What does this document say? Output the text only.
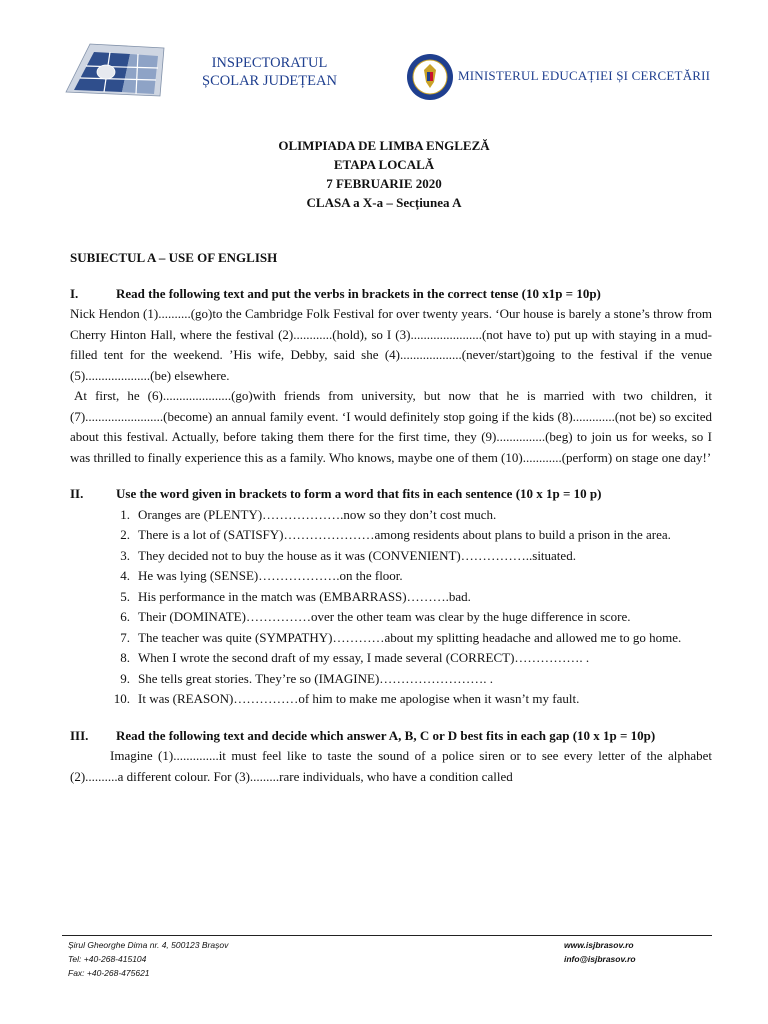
INSPECTORATUL
ȘCOLAR JUDEȚEAN	MINISTERUL EDUCAȚIEI ȘI CERCETĂRII
OLIMPIADA DE LIMBA ENGLEZĂ
ETAPA LOCALĂ
7 FEBRUARIE 2020
CLASA a X-a – Secțiunea A

SUBIECTUL A – USE OF ENGLISH

I.	Read the following text and put the verbs in brackets in the correct tense (10 x1p = 10p)

Nick Hendon (1)..........(go)to the Cambridge Folk Festival for over twenty years. ‘Our house is barely a stone’s throw from Cherry Hinton Hall, where the festival (2)............(hold), so I (3)......................(not have to) put up with staying in a mud-filled tent for the weekend. ’His wife, Debby, said she (4)...................(never/start)going to the festival if the venue (5)....................(be) elsewhere.

At first, he (6).....................(go)with friends from university, but now that he is married with two children, it (7)........................(become) an annual family event. ‘I would definitely stop going if the kids (8).............(not be) so excited about this festival. Actually, before taking them there for the first time, they (9)...............(beg) to join us for weeks, so I was thrilled to finally experience this as a family. Who knows, maybe one of them (10)............(perform) on stage one day!’

II.	Use the word given in brackets to form a word that fits in each sentence (10 x 1p = 10 p)
1. Oranges are (PLENTY)……………….now so they don’t cost much.
2. There is a lot of (SATISFY)…………………among residents about plans to build a prison in the area.
3. They decided not to buy the house as it was (CONVENIENT)……………..situated.
4. He was lying (SENSE)……………….on the floor.
5. His performance in the match was (EMBARRASS)……….bad.
6. Their (DOMINATE)……………over the other team was clear by the huge difference in score.
7. The teacher was quite (SYMPATHY)…………about my splitting headache and allowed me to go home.
8. When I wrote the second draft of my essay, I made several (CORRECT)……………. .
9. She tells great stories. They’re so (IMAGINE)……………………. .
10. It was (REASON)……………of him to make me apologise when it wasn’t my fault.
III.	Read the following text and decide which answer A, B, C or D best fits in each gap (10 x 1p = 10p)

Imagine (1)..............it must feel like to taste the sound of a police siren or to see every letter of the alphabet (2)..........a different colour. For (3).........rare individuals, who have a condition called

Șirul Gheorghe Dima nr. 4, 500123 Brașov
Tel: +40-268-415104
Fax: +40-268-475621
www.isjbrasov.ro
info@isjbrasov.ro
